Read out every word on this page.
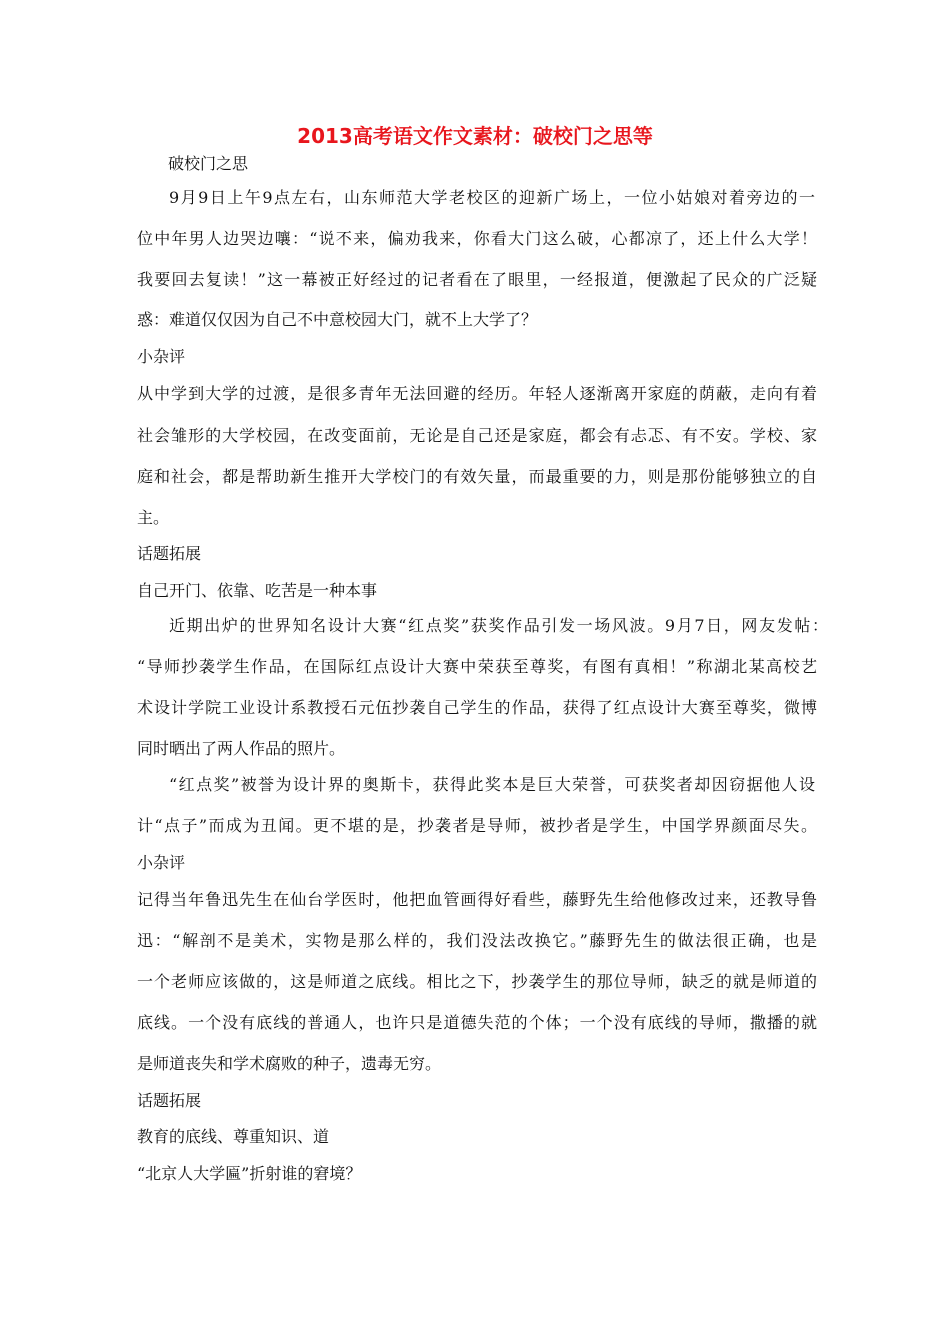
2013高考语文作文素材：破校门之思等
破校门之思
9月9日上午9点左右，山东师范大学老校区的迎新广场上，一位小姑娘对着旁边的一
位中年男人边哭边嚷：“说不来，偏劝我来，你看大门这么破，心都凉了，还上什么大学！
我要回去复读！”这一幕被正好经过的记者看在了眼里，一经报道，便激起了民众的广泛疑
惑：难道仅仅因为自己不中意校园大门，就不上大学了？
小杂评
从中学到大学的过渡，是很多青年无法回避的经历。年轻人逐渐离开家庭的荫蔽，走向有着
社会雏形的大学校园，在改变面前，无论是自己还是家庭，都会有忐忑、有不安。学校、家
庭和社会，都是帮助新生推开大学校门的有效矢量，而最重要的力，则是那份能够独立的自
主。
话题拓展
自己开门、依靠、吃苦是一种本事
近期出炉的世界知名设计大赛“红点奖”获奖作品引发一场风波。9月7日，网友发帖：
“导师抄袭学生作品，在国际红点设计大赛中荣获至尊奖，有图有真相！”称湖北某高校艺
术设计学院工业设计系教授石元伍抄袭自己学生的作品，获得了红点设计大赛至尊奖，微博
同时晒出了两人作品的照片。
“红点奖”被誉为设计界的奥斯卡，获得此奖本是巨大荣誉，可获奖者却因窃据他人设
计“点子”而成为丑闻。更不堪的是，抄袭者是导师，被抄者是学生，中国学界颜面尽失。
小杂评
记得当年鲁迅先生在仙台学医时，他把血管画得好看些，藤野先生给他修改过来，还教导鲁
迅：“解剖不是美术，实物是那么样的，我们没法改换它。”藤野先生的做法很正确，也是
一个老师应该做的，这是师道之底线。相比之下，抄袭学生的那位导师，缺乏的就是师道的
底线。一个没有底线的普通人，也许只是道德失范的个体；一个没有底线的导师，撒播的就
是师道丧失和学术腐败的种子，遗毒无穷。
话题拓展
教育的底线、尊重知识、道
“北京人大学匾”折射谁的窘境？
